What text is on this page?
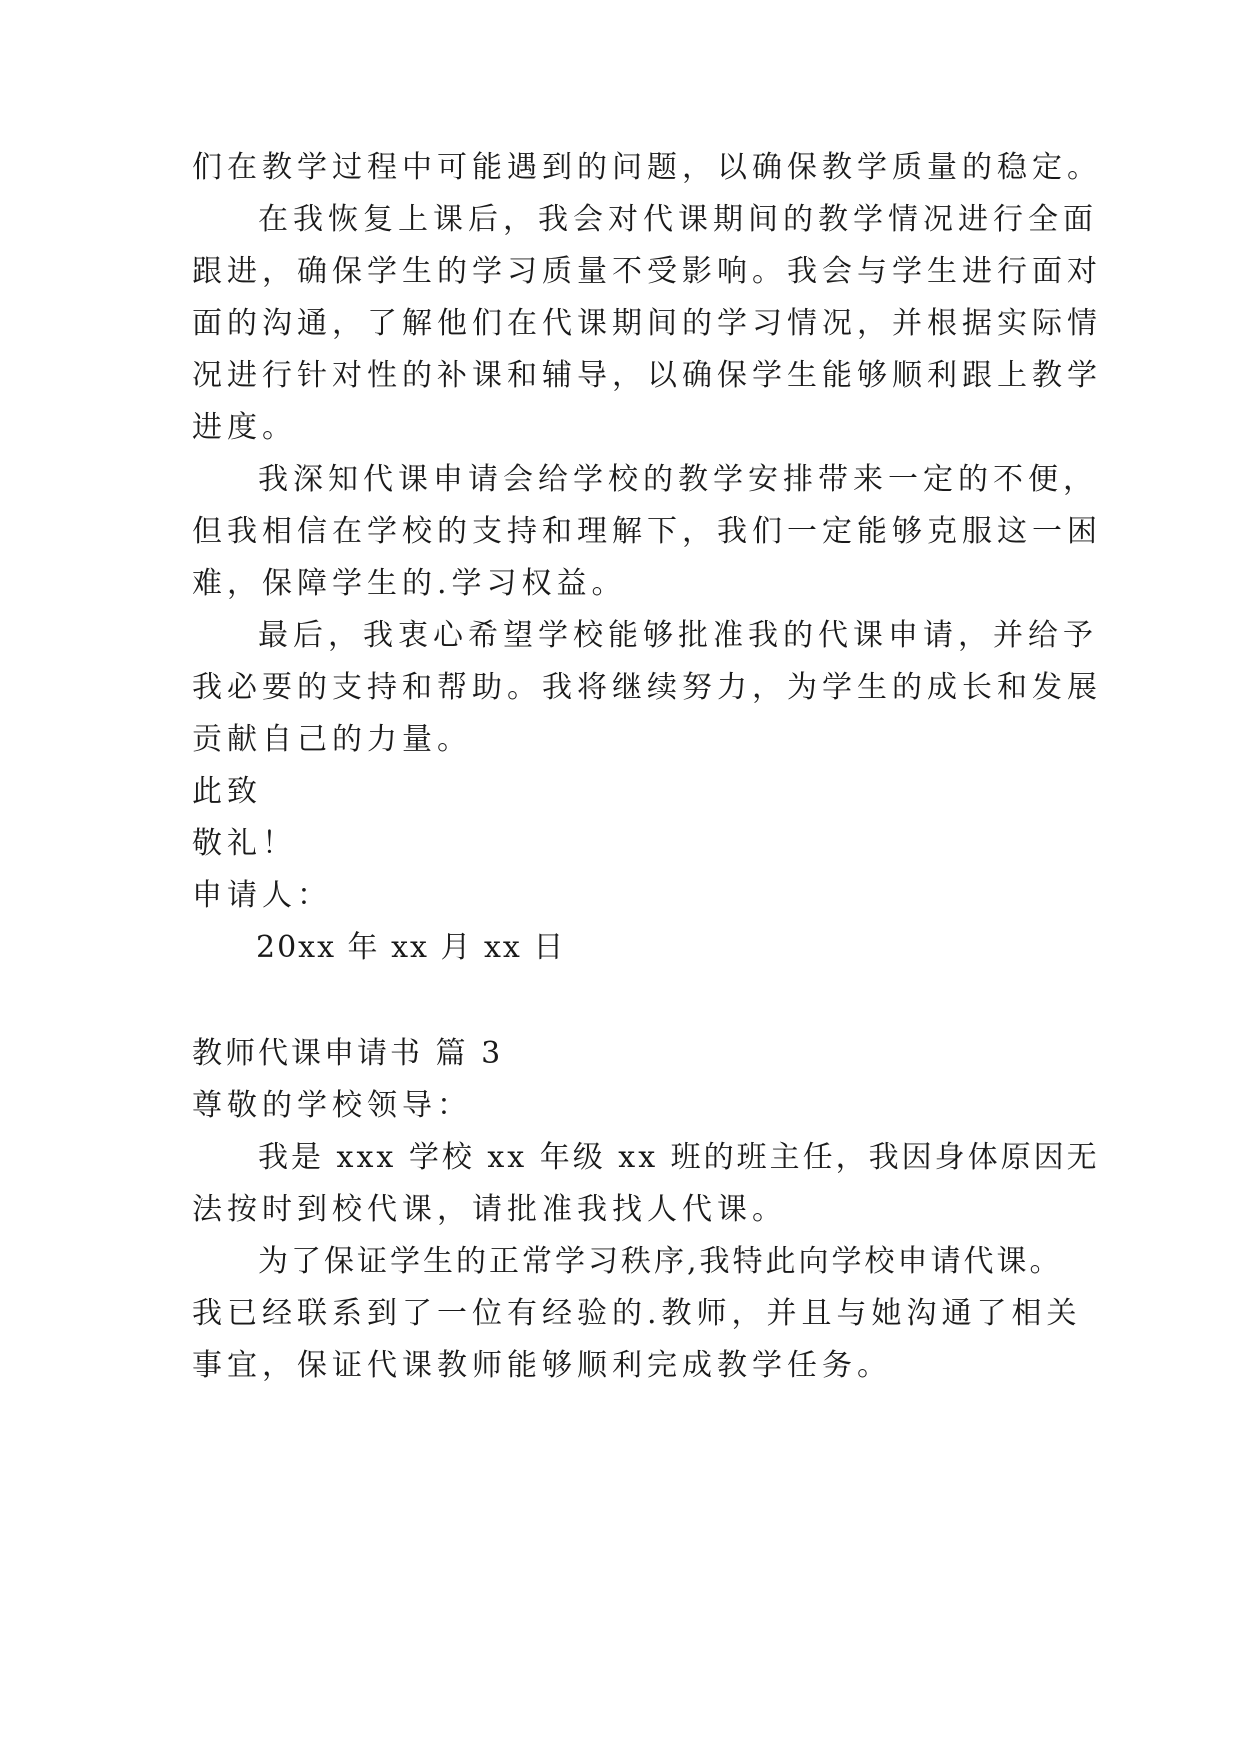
们在教学过程中可能遇到的问题，以确保教学质量的稳定。
在我恢复上课后，我会对代课期间的教学情况进行全面
跟进，确保学生的学习质量不受影响。我会与学生进行面对
面的沟通，了解他们在代课期间的学习情况，并根据实际情
况进行针对性的补课和辅导，以确保学生能够顺利跟上教学
进度。
我深知代课申请会给学校的教学安排带来一定的不便，
但我相信在学校的支持和理解下，我们一定能够克服这一困
难，保障学生的.学习权益。
最后，我衷心希望学校能够批准我的代课申请，并给予
我必要的支持和帮助。我将继续努力，为学生的成长和发展
贡献自己的力量。
此致
敬礼！
申请人：
20xx 年 xx 月 xx 日
教师代课申请书 篇 3
尊敬的学校领导：
我是 xxx 学校 xx 年级 xx 班的班主任，我因身体原因无
法按时到校代课，请批准我找人代课。
为了保证学生的正常学习秩序,我特此向学校申请代课。
我已经联系到了一位有经验的.教师，并且与她沟通了相关
事宜，保证代课教师能够顺利完成教学任务。
